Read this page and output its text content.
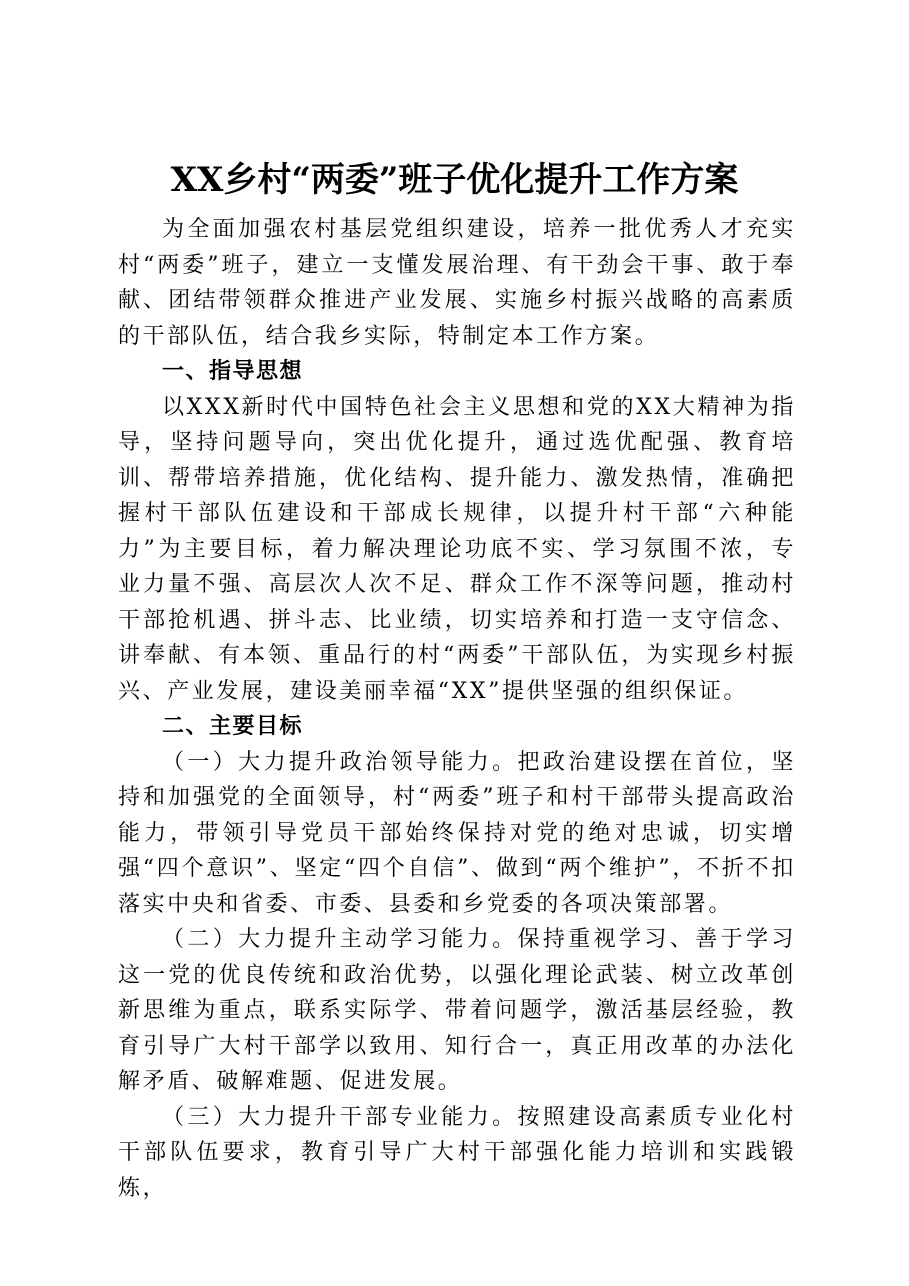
XX乡村“两委”班子优化提升工作方案

为全面加强农村基层党组织建设，培养一批优秀人才充实村“两委”班子，建立一支懂发展治理、有干劲会干事、敢于奉献、团结带领群众推进产业发展、实施乡村振兴战略的高素质的干部队伍，结合我乡实际，特制定本工作方案。

一、指导思想

以XXX新时代中国特色社会主义思想和党的XX大精神为指导，坚持问题导向，突出优化提升，通过选优配强、教育培训、帮带培养措施，优化结构、提升能力、激发热情，准确把握村干部队伍建设和干部成长规律，以提升村干部“六种能力”为主要目标，着力解决理论功底不实、学习氛围不浓，专业力量不强、高层次人次不足、群众工作不深等问题，推动村干部抢机遇、拼斗志、比业绩，切实培养和打造一支守信念、讲奉献、有本领、重品行的村“两委”干部队伍，为实现乡村振兴、产业发展，建设美丽幸福“XX”提供坚强的组织保证。

二、主要目标

（一）大力提升政治领导能力。把政治建设摆在首位，坚持和加强党的全面领导，村“两委”班子和村干部带头提高政治能力，带领引导党员干部始终保持对党的绝对忠诚，切实增强“四个意识”、坚定“四个自信”、做到“两个维护”，不折不扣落实中央和省委、市委、县委和乡党委的各项决策部署。

（二）大力提升主动学习能力。保持重视学习、善于学习这一党的优良传统和政治优势，以强化理论武装、树立改革创新思维为重点，联系实际学、带着问题学，激活基层经验，教育引导广大村干部学以致用、知行合一，真正用改革的办法化解矛盾、破解难题、促进发展。

（三）大力提升干部专业能力。按照建设高素质专业化村干部队伍要求，教育引导广大村干部强化能力培训和实践锻炼，
